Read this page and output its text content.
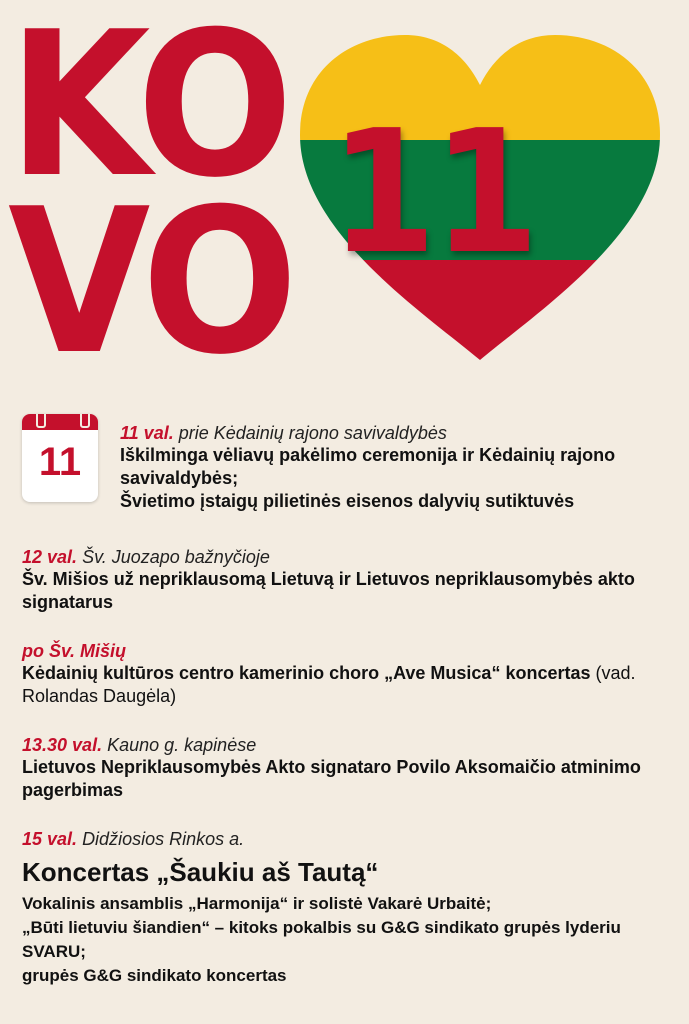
KO
VO 11
11
11 val. prie Kėdainių rajono savivaldybės
Iškilminga vėliavų pakėlimo ceremonija ir Kėdainių rajono savivaldybės;
Švietimo įstaigų pilietinės eisenos dalyvių sutiktuvės
12 val. Šv. Juozapo bažnyčioje
Šv. Mišios už nepriklausomą Lietuvą ir Lietuvos nepriklausomybės akto signatarus
po Šv. Mišių
Kėdainių kultūros centro kamerinio choro „Ave Musica“ koncertas (vad. Rolandas Daugėla)
13.30 val. Kauno g. kapinėse
Lietuvos Nepriklausomybės Akto signataro Povilo Aksomaičio atminimo pagerbimas
15 val. Didžiosios Rinkos a.
Koncertas „Šaukiu aš Tautą“
Vokalinis ansamblis „Harmonija“ ir solistė Vakarė Urbaitė;
„Būti lietuviu šiandien“ – kitoks pokalbis su G&G sindikato grupės lyderiu SVARU;
grupės G&G sindikato koncertas
